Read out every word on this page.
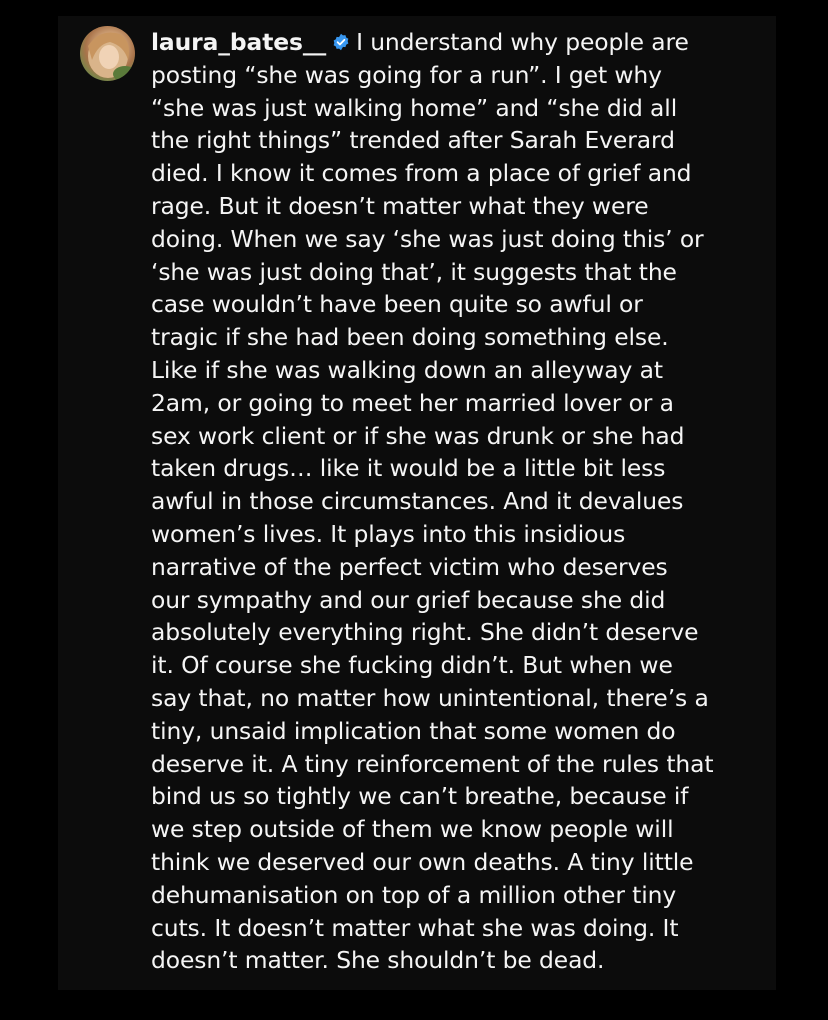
laura_bates__ I understand why people are
posting “she was going for a run”. I get why
“she was just walking home” and “she did all
the right things” trended after Sarah Everard
died. I know it comes from a place of grief and
rage. But it doesn’t matter what they were
doing. When we say ‘she was just doing this’ or
‘she was just doing that’, it suggests that the
case wouldn’t have been quite so awful or
tragic if she had been doing something else.
Like if she was walking down an alleyway at
2am, or going to meet her married lover or a
sex work client or if she was drunk or she had
taken drugs… like it would be a little bit less
awful in those circumstances. And it devalues
women’s lives. It plays into this insidious
narrative of the perfect victim who deserves
our sympathy and our grief because she did
absolutely everything right. She didn’t deserve
it. Of course she fucking didn’t. But when we
say that, no matter how unintentional, there’s a
tiny, unsaid implication that some women do
deserve it. A tiny reinforcement of the rules that
bind us so tightly we can’t breathe, because if
we step outside of them we know people will
think we deserved our own deaths. A tiny little
dehumanisation on top of a million other tiny
cuts. It doesn’t matter what she was doing. It
doesn’t matter. She shouldn’t be dead.
